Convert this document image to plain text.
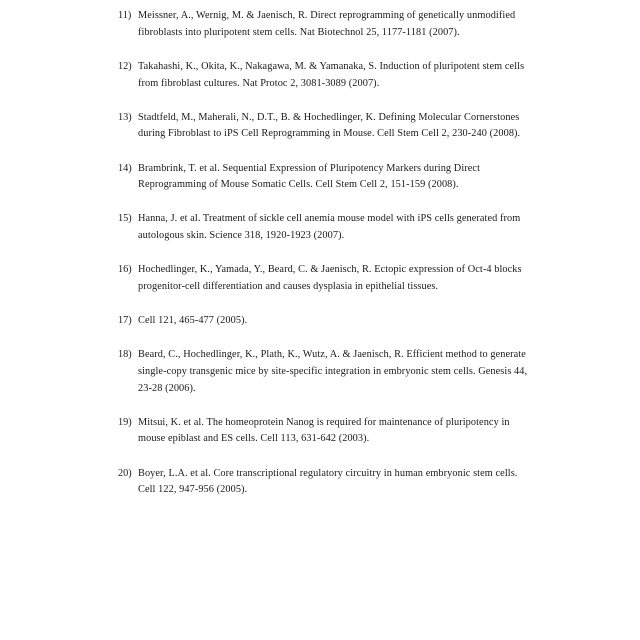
11) Meissner, A., Wernig, M. & Jaenisch, R. Direct reprogramming of genetically unmodified fibroblasts into pluripotent stem cells. Nat Biotechnol 25, 1177-1181 (2007).
12) Takahashi, K., Okita, K., Nakagawa, M. & Yamanaka, S. Induction of pluripotent stem cells from fibroblast cultures. Nat Protoc 2, 3081-3089 (2007).
13) Stadtfeld, M., Maherali, N., D.T., B. & Hochedlinger, K. Defining Molecular Cornerstones during Fibroblast to iPS Cell Reprogramming in Mouse. Cell Stem Cell 2, 230-240 (2008).
14) Brambrink, T. et al. Sequential Expression of Pluripotency Markers during Direct Reprogramming of Mouse Somatic Cells. Cell Stem Cell 2, 151-159 (2008).
15) Hanna, J. et al. Treatment of sickle cell anemia mouse model with iPS cells generated from autologous skin. Science 318, 1920-1923 (2007).
16) Hochedlinger, K., Yamada, Y., Beard, C. & Jaenisch, R. Ectopic expression of Oct-4 blocks progenitor-cell differentiation and causes dysplasia in epithelial tissues.
17) Cell 121, 465-477 (2005).
18) Beard, C., Hochedlinger, K., Plath, K., Wutz, A. & Jaenisch, R. Efficient method to generate single-copy transgenic mice by site-specific integration in embryonic stem cells. Genesis 44, 23-28 (2006).
19) Mitsui, K. et al. The homeoprotein Nanog is required for maintenance of pluripotency in mouse epiblast and ES cells. Cell 113, 631-642 (2003).
20) Boyer, L.A. et al. Core transcriptional regulatory circuitry in human embryonic stem cells. Cell 122, 947-956 (2005).
